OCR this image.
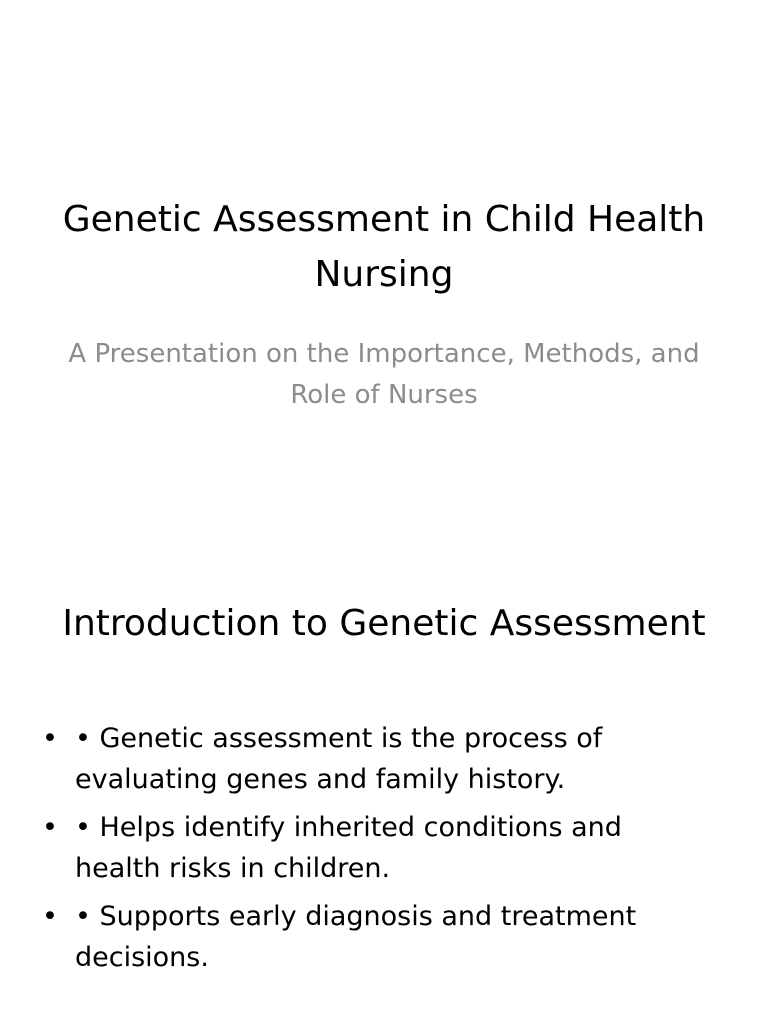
Genetic Assessment in Child Health Nursing

A Presentation on the Importance, Methods, and Role of Nurses

Introduction to Genetic Assessment
• • Genetic assessment is the process of evaluating genes and family history.
• • Helps identify inherited conditions and health risks in children.
• • Supports early diagnosis and treatment decisions.
